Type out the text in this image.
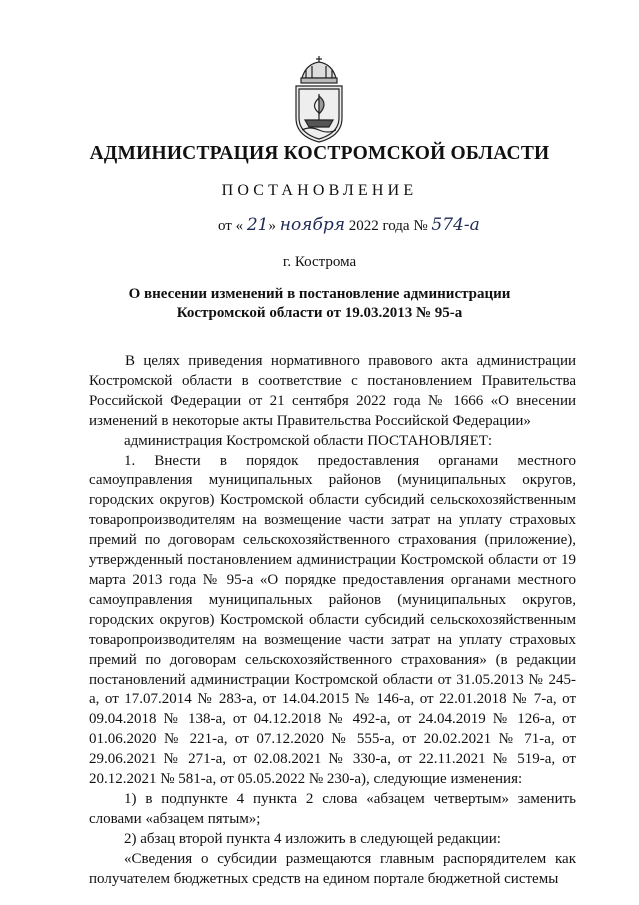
АДМИНИСТРАЦИЯ КОСТРОМСКОЙ ОБЛАСТИ
ПОСТАНОВЛЕНИЕ
от « 21» ноября 2022 года № 574-а
г. Кострома
О внесении изменений в постановление администрации
Костромской области от 19.03.2013 № 95-а

В целях приведения нормативного правового акта администрации Костромской области в соответствие с постановлением Правительства Российской Федерации от 21 сентября 2022 года № 1666 «О внесении изменений в некоторые акты Правительства Российской Федерации»

администрация Костромской области ПОСТАНОВЛЯЕТ:

1. Внести в порядок предоставления органами местного самоуправления муниципальных районов (муниципальных округов, городских округов) Костромской области субсидий сельскохозяйственным товаропроизводителям на возмещение части затрат на уплату страховых премий по договорам сельскохозяйственного страхования (приложение), утвержденный постановлением администрации Костромской области от 19 марта 2013 года № 95-а «О порядке предоставления органами местного самоуправления муниципальных районов (муниципальных округов, городских округов) Костромской области субсидий сельскохозяйственным товаропроизводителям на возмещение части затрат на уплату страховых премий по договорам сельскохозяйственного страхования» (в редакции постановлений администрации Костромской области от 31.05.2013 № 245-а, от 17.07.2014 № 283-а, от 14.04.2015 № 146-а, от 22.01.2018 № 7-а, от 09.04.2018 № 138-а, от 04.12.2018 № 492-а, от 24.04.2019 № 126-а, от 01.06.2020 № 221-а, от 07.12.2020 № 555-а, от 20.02.2021 № 71-а, от 29.06.2021 № 271-а, от 02.08.2021 № 330-а, от 22.11.2021 № 519-а, от 20.12.2021 № 581-а, от 05.05.2022 № 230-а), следующие изменения:

1) в подпункте 4 пункта 2 слова «абзацем четвертым» заменить словами «абзацем пятым»;

2) абзац второй пункта 4 изложить в следующей редакции:

«Сведения о субсидии размещаются главным распорядителем как получателем бюджетных средств на едином портале бюджетной системы
